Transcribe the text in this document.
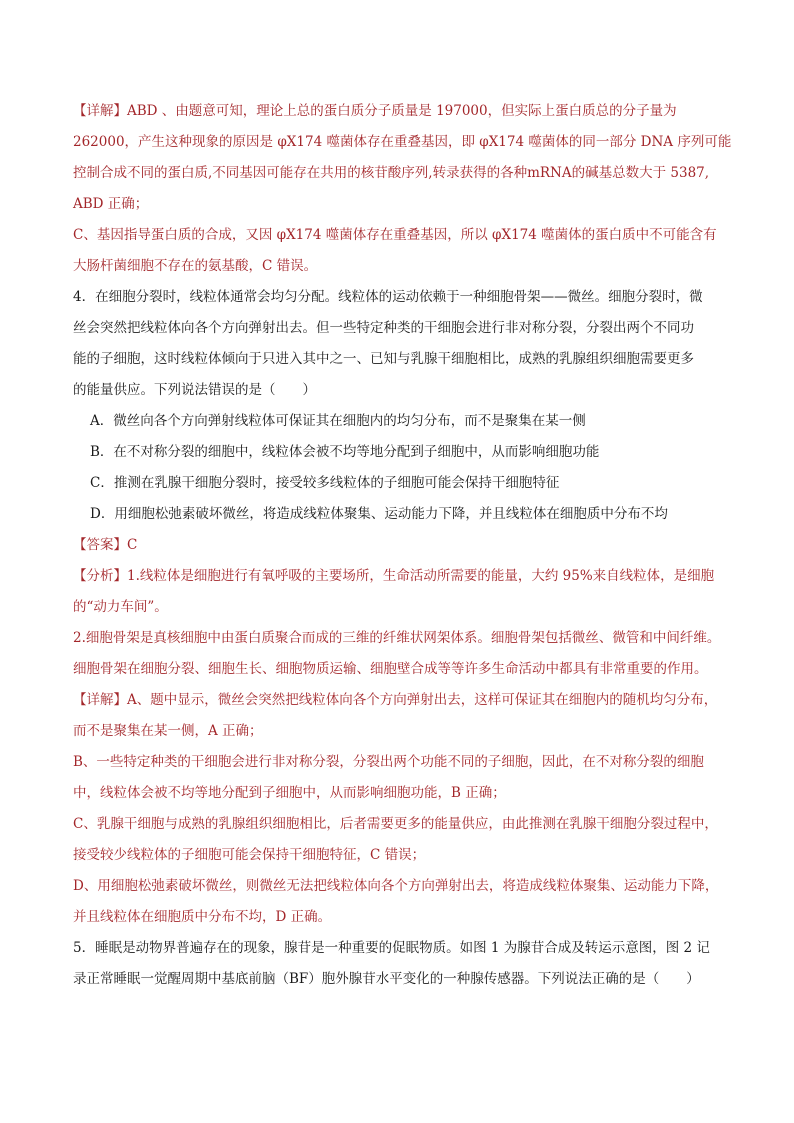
【详解】ABD 、由题意可知，理论上总的蛋白质分子质量是 197000，但实际上蛋白质总的分子量为
262000，产生这种现象的原因是 φX174 噬菌体存在重叠基因，即 φX174 噬菌体的同一部分 DNA 序列可能
控制合成不同的蛋白质,不同基因可能存在共用的核苷酸序列,转录获得的各种mRNA的碱基总数大于 5387,
ABD 正确；
C、基因指导蛋白质的合成，又因 φX174 噬菌体存在重叠基因，所以 φX174 噬菌体的蛋白质中不可能含有
大肠杆菌细胞不存在的氨基酸，C 错误。
4．在细胞分裂时，线粒体通常会均匀分配。线粒体的运动依赖于一种细胞骨架——微丝。细胞分裂时，微
丝会突然把线粒体向各个方向弹射出去。但一些特定种类的干细胞会进行非对称分裂，分裂出两个不同功
能的子细胞，这时线粒体倾向于只进入其中之一、已知与乳腺干细胞相比，成熟的乳腺组织细胞需要更多
的能量供应。下列说法错误的是（　　）
A．微丝向各个方向弹射线粒体可保证其在细胞内的均匀分布，而不是聚集在某一侧
B．在不对称分裂的细胞中，线粒体会被不均等地分配到子细胞中，从而影响细胞功能
C．推测在乳腺干细胞分裂时，接受较多线粒体的子细胞可能会保持干细胞特征
D．用细胞松弛素破坏微丝，将造成线粒体聚集、运动能力下降，并且线粒体在细胞质中分布不均
【答案】C
【分析】1.线粒体是细胞进行有氧呼吸的主要场所，生命活动所需要的能量，大约 95%来自线粒体，是细胞
的“动力车间”。
2.细胞骨架是真核细胞中由蛋白质聚合而成的三维的纤维状网架体系。细胞骨架包括微丝、微管和中间纤维。
细胞骨架在细胞分裂、细胞生长、细胞物质运输、细胞壁合成等等许多生命活动中都具有非常重要的作用。
【详解】A、题中显示，微丝会突然把线粒体向各个方向弹射出去，这样可保证其在细胞内的随机均匀分布，
而不是聚集在某一侧，A 正确；
B、一些特定种类的干细胞会进行非对称分裂，分裂出两个功能不同的子细胞，因此，在不对称分裂的细胞
中，线粒体会被不均等地分配到子细胞中，从而影响细胞功能，B 正确；
C、乳腺干细胞与成熟的乳腺组织细胞相比，后者需要更多的能量供应，由此推测在乳腺干细胞分裂过程中，
接受较少线粒体的子细胞可能会保持干细胞特征，C 错误；
D、用细胞松弛素破坏微丝，则微丝无法把线粒体向各个方向弹射出去，将造成线粒体聚集、运动能力下降，
并且线粒体在细胞质中分布不均，D 正确。
5．睡眠是动物界普遍存在的现象，腺苷是一种重要的促眠物质。如图 1 为腺苷合成及转运示意图，图 2 记
录正常睡眠一觉醒周期中基底前脑（BF）胞外腺苷水平变化的一种腺传感器。下列说法正确的是（　　）
